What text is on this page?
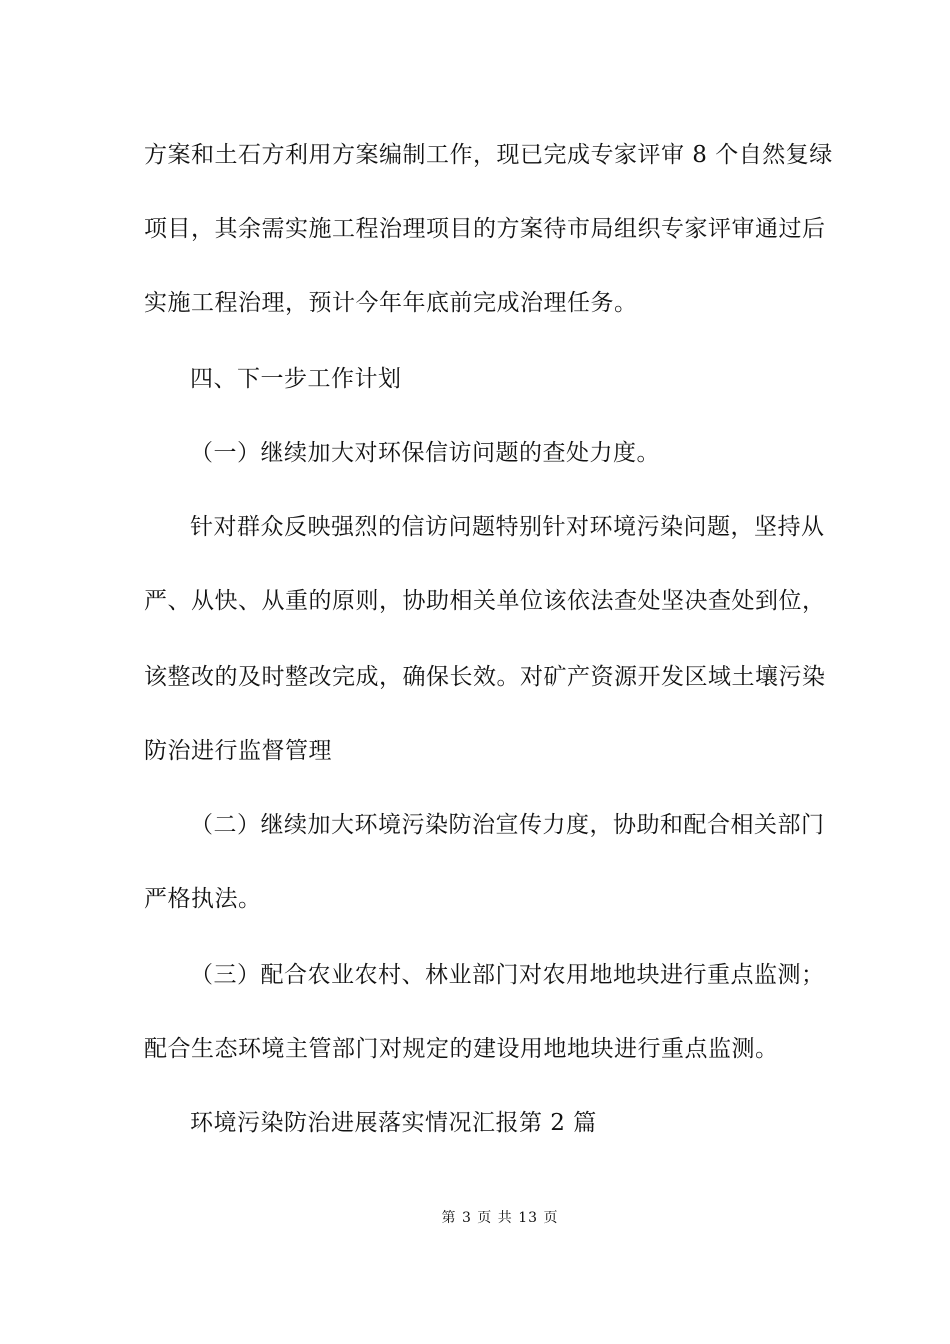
方案和土石方利用方案编制工作，现已完成专家评审 8 个自然复绿
项目，其余需实施工程治理项目的方案待市局组织专家评审通过后
实施工程治理，预计今年年底前完成治理任务。
四、下一步工作计划
（一）继续加大对环保信访问题的查处力度。
针对群众反映强烈的信访问题特别针对环境污染问题，坚持从
严、从快、从重的原则，协助相关单位该依法查处坚决查处到位，
该整改的及时整改完成，确保长效。对矿产资源开发区域土壤污染
防治进行监督管理
（二）继续加大环境污染防治宣传力度，协助和配合相关部门
严格执法。
（三）配合农业农村、林业部门对农用地地块进行重点监测；
配合生态环境主管部门对规定的建设用地地块进行重点监测。
环境污染防治进展落实情况汇报第 2 篇
第 3 页 共 13 页
